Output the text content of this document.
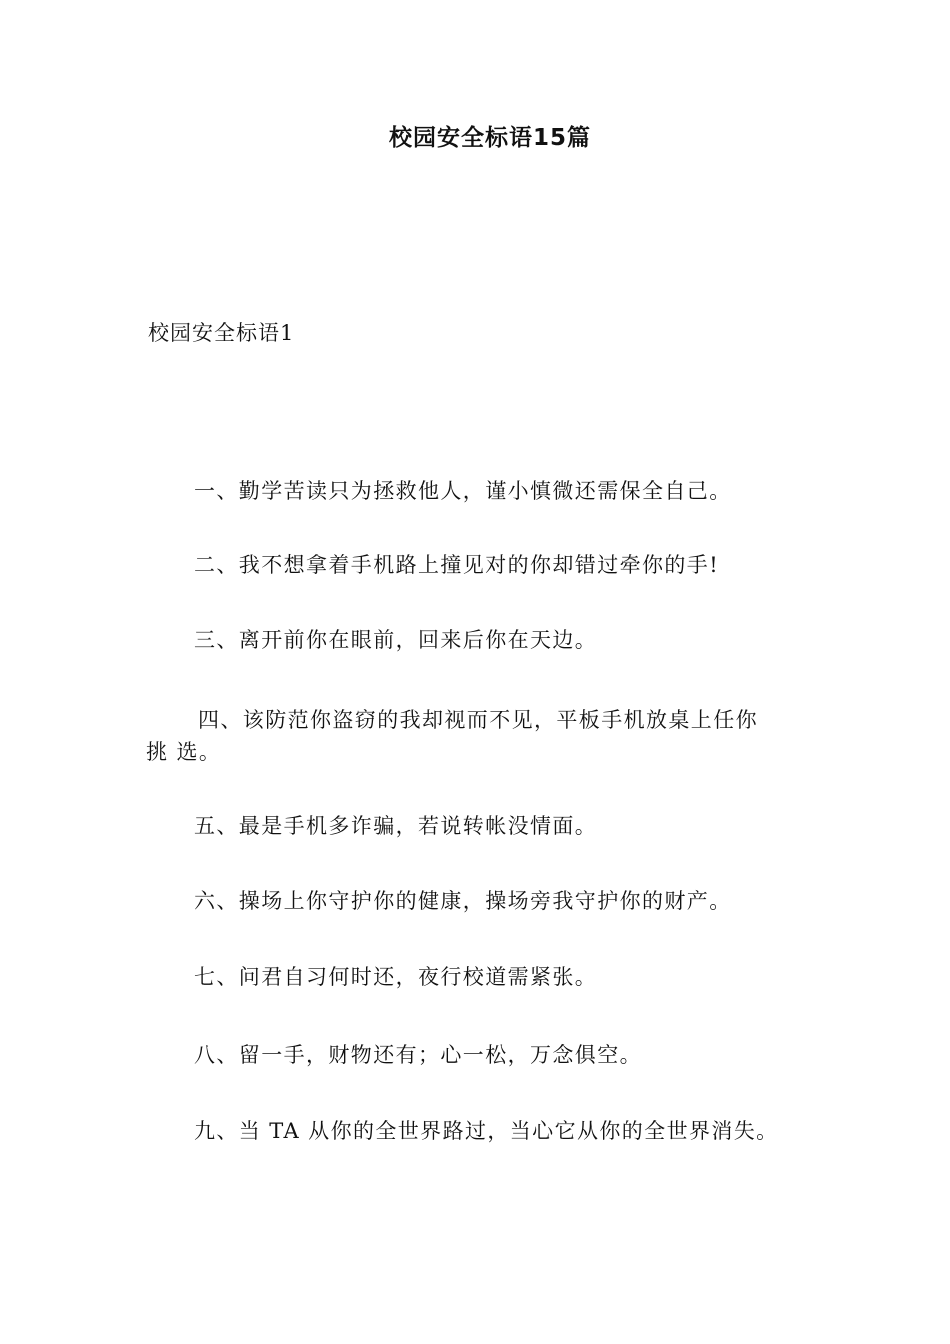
校园安全标语15篇
校园安全标语1
一、勤学苦读只为拯救他人，谨小慎微还需保全自己。
二、我不想拿着手机路上撞见对的你却错过牵你的手!
三、离开前你在眼前，回来后你在天边。
四、该防范你盗窃的我却视而不见，平板手机放桌上任你
挑 选。
五、最是手机多诈骗，若说转帐没情面。
六、操场上你守护你的健康，操场旁我守护你的财产。
七、问君自习何时还，夜行校道需紧张。
八、留一手，财物还有；心一松，万念俱空。
九、当 TA 从你的全世界路过，当心它从你的全世界消失。
